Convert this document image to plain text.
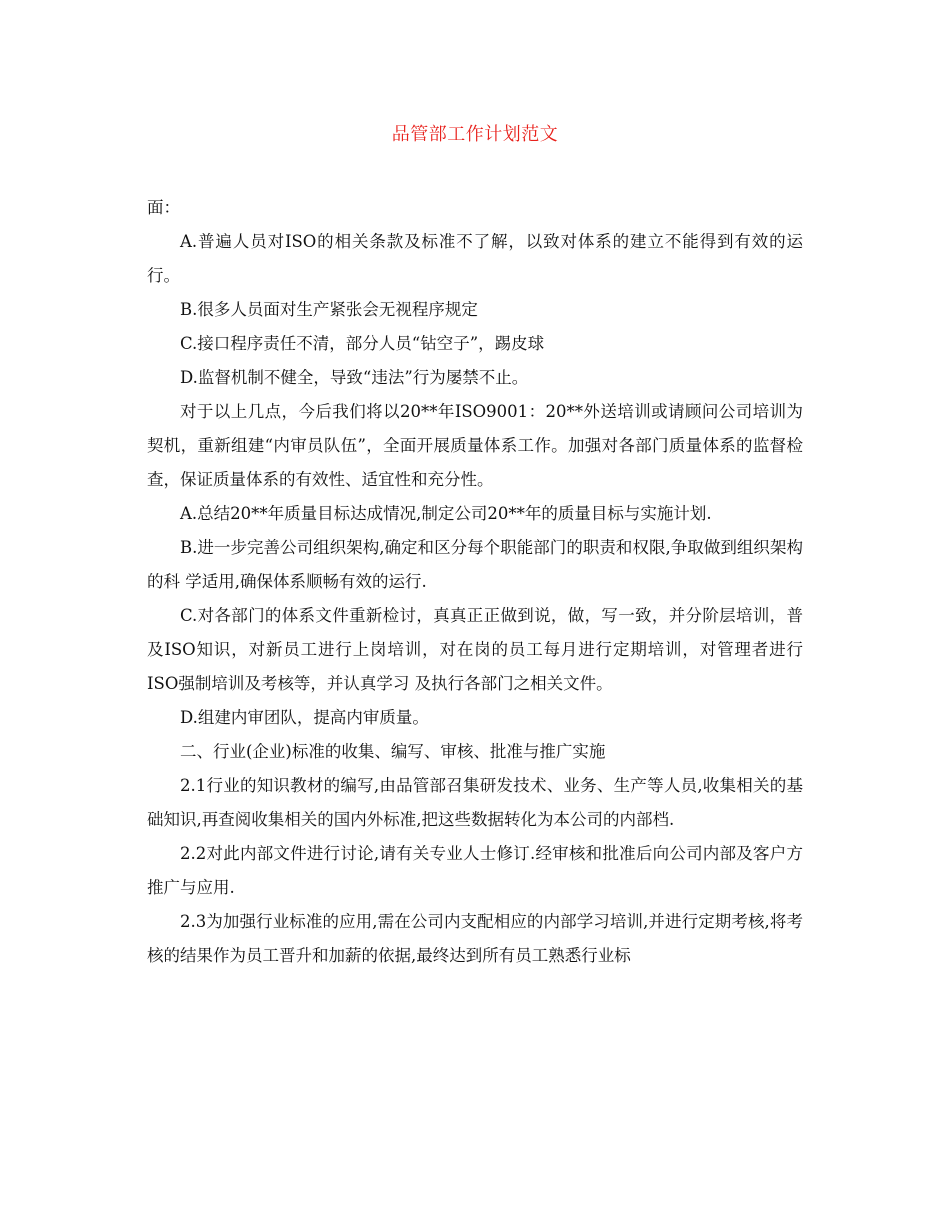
品管部工作计划范文

面：

A.普遍人员对ISO的相关条款及标准不了解，以致对体系的建立不能得到有效的运行。

B.很多人员面对生产紧张会无视程序规定

C.接口程序责任不清，部分人员“钻空子”，踢皮球

D.监督机制不健全，导致“违法”行为屡禁不止。

对于以上几点，今后我们将以20**年ISO9001：20**外送培训或请顾问公司培训为契机，重新组建“内审员队伍”，全面开展质量体系工作。加强对各部门质量体系的监督检查，保证质量体系的有效性、适宜性和充分性。

A.总结20**年质量目标达成情况,制定公司20**年的质量目标与实施计划.

B.进一步完善公司组织架构,确定和区分每个职能部门的职责和权限,争取做到组织架构的科 学适用,确保体系顺畅有效的运行.

C.对各部门的体系文件重新检讨，真真正正做到说，做，写一致，并分阶层培训，普及ISO知识，对新员工进行上岗培训，对在岗的员工每月进行定期培训，对管理者进行ISO强制培训及考核等，并认真学习 及执行各部门之相关文件。

D.组建内审团队，提高内审质量。

二、行业(企业)标准的收集、编写、审核、批准与推广实施

2.1行业的知识教材的编写,由品管部召集研发技术、业务、生产等人员,收集相关的基础知识,再查阅收集相关的国内外标准,把这些数据转化为本公司的内部档.

2.2对此内部文件进行讨论,请有关专业人士修订.经审核和批准后向公司内部及客户方推广与应用.

2.3为加强行业标准的应用,需在公司内支配相应的内部学习培训,并进行定期考核,将考核的结果作为员工晋升和加薪的依据,最终达到所有员工熟悉行业标
